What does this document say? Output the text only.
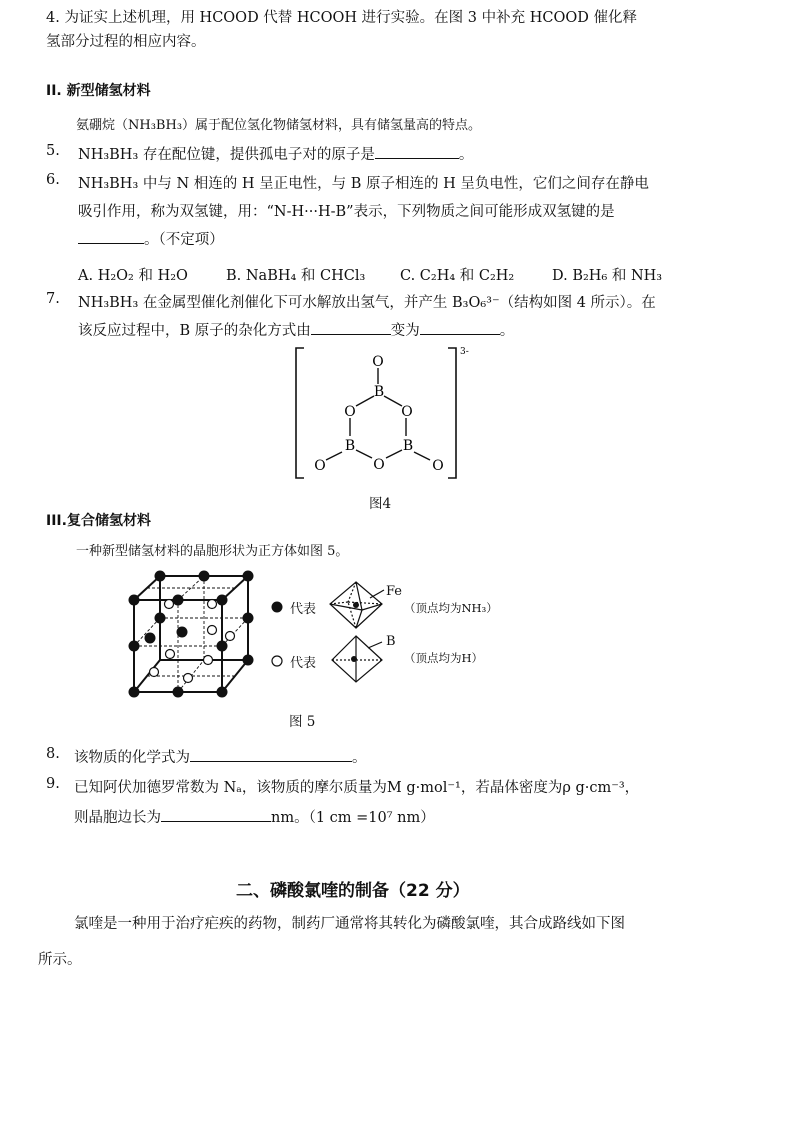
4. 为证实上述机理，用 HCOOD 代替 HCOOH 进行实验。在图 3 中补充 HCOOD 催化释
氢部分过程的相应内容。
II. 新型储氢材料
氨硼烷（NH₃BH₃）属于配位氢化物储氢材料，具有储氢量高的特点。
5. NH₃BH₃ 存在配位键，提供孤电子对的原子是	。
6. NH₃BH₃ 中与 N 相连的 H 呈正电性，与 B 原子相连的 H 呈负电性，它们之间存在静电
吸引作用，称为双氢键，用：“N-H···H-B”表示，下列物质之间可能形成双氢键的是
。（不定项）
A. H₂O₂ 和 H₂O	B. NaBH₄ 和 CHCl₃ C. C₂H₄ 和 C₂H₂	D. B₂H₆ 和 NH₃
7. NH₃BH₃ 在金属型催化剂催化下可水解放出氢气，并产生 B₃O₆³⁻（结构如图 4 所示）。在
该反应过程中，B 原子的杂化方式由	变为	。
O
B
O	O
B	B
O
O	O
3-
图4
III.复合储氢材料
一种新型储氢材料的晶胞形状为正方体如图 5。
代表
代表
Fe
（顶点均为NH₃）
B
（顶点均为H）
图 5
8. 该物质的化学式为	。
9. 已知阿伏加德罗常数为 Nₐ，该物质的摩尔质量为M g·mol⁻¹，若晶体密度为ρ g·cm⁻³，
则晶胞边长为	nm。（1 cm =10⁷ nm）
二、磷酸氯喹的制备（22 分）
氯喹是一种用于治疗疟疾的药物，制药厂通常将其转化为磷酸氯喹，其合成路线如下图
所示。
